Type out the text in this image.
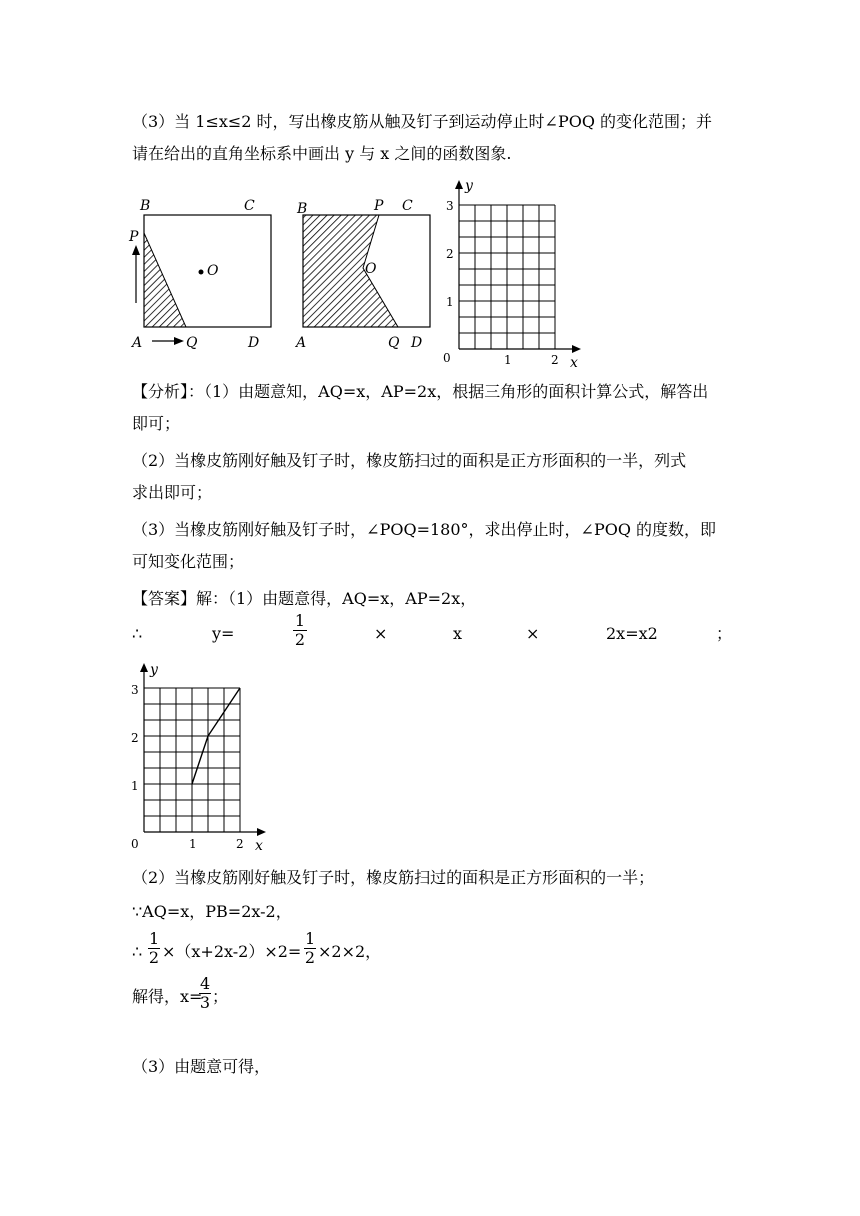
（3）当 1≤x≤2 时，写出橡皮筋从触及钉子到运动停止时∠POQ 的变化范围；并
请在给出的直角坐标系中画出 y 与 x 之间的函数图象.
B	C
P
O
A	Q	D
B	P C
O
A	Q D
y
x
3
2
1
0	1	2
【分析】：（1）由题意知，AQ=x，AP=2x，根据三角形的面积计算公式，解答出
即可；
（2）当橡皮筋刚好触及钉子时，橡皮筋扫过的面积是正方形面积的一半，列式
求出即可；
（3）当橡皮筋刚好触及钉子时，∠POQ=180°，求出停止时，∠POQ 的度数，即
可知变化范围；
【答案】解：（1）由题意得，AQ=x，AP=2x，
∴	y=	$\frac{1}{2}$	×	x	×	2x=x2	；
y
x
3
2
1
0	1	2
（2）当橡皮筋刚好触及钉子时，橡皮筋扫过的面积是正方形面积的一半；
∵AQ=x，PB=2x-2，
∴ $\frac{1}{2} \times(x+2x-2)\times 2= \frac{1}{2} \times 2\times 2$，
解得，x=
$\frac{4}{3}$ ；
（3）由题意可得，
